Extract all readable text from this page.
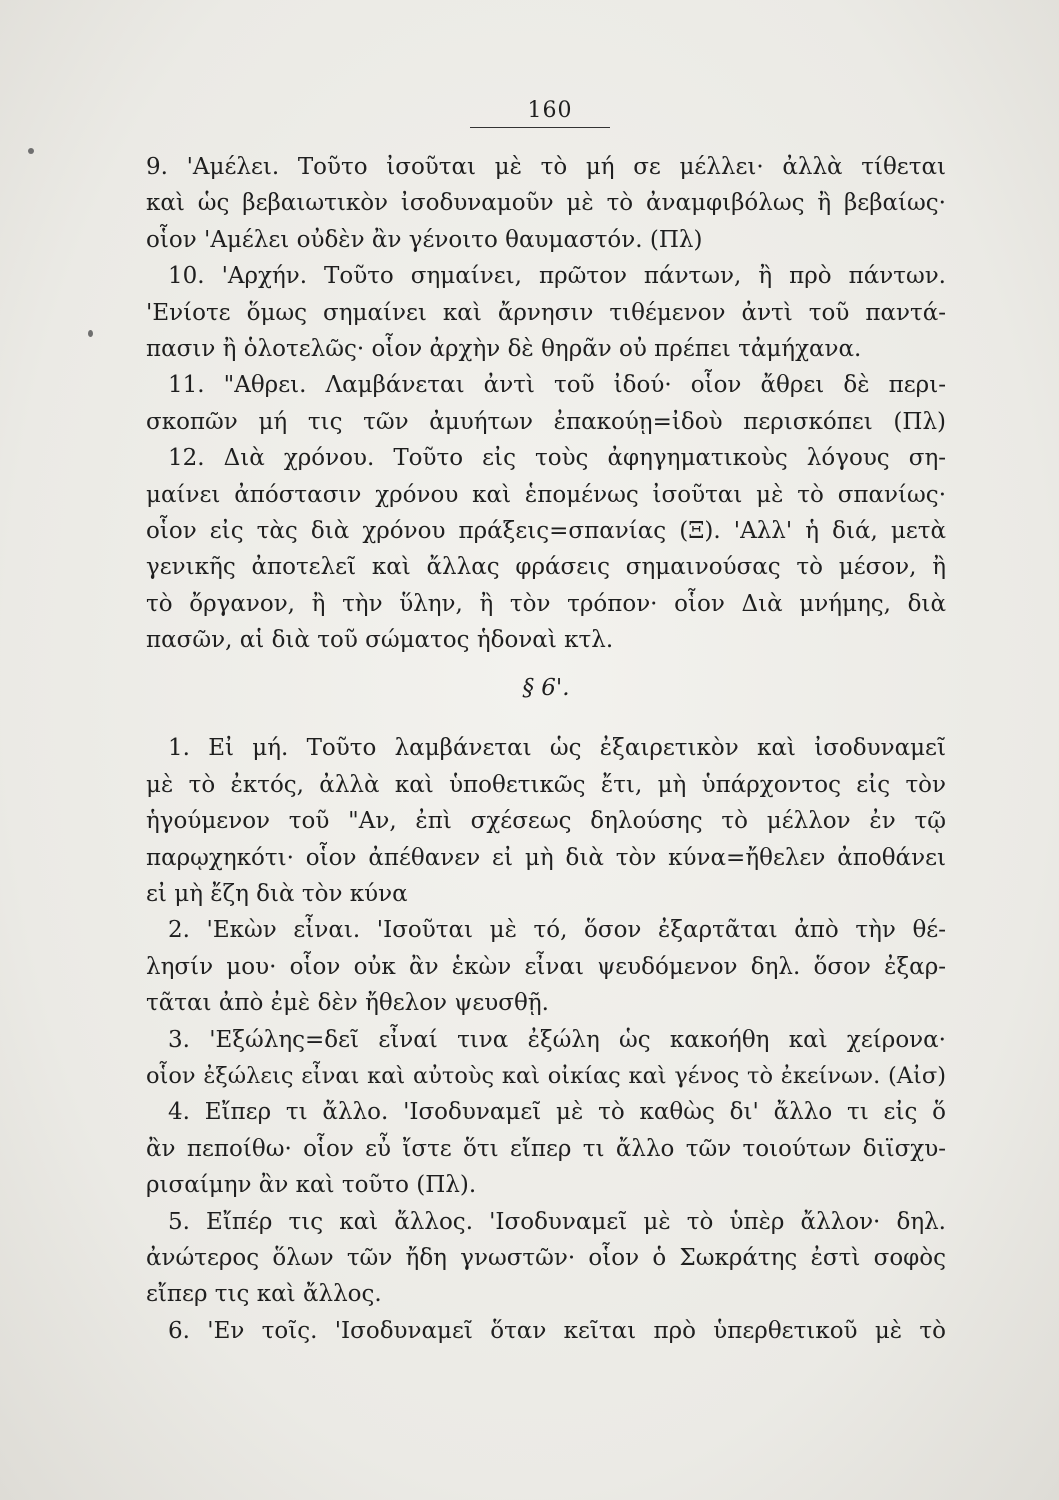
160
9. 'Αμέλει. Τοῦτο ἰσοῦται μὲ τὸ μή σε μέλλει· ἀλλὰ τίθεται
καὶ ὡς βεβαιωτικὸν ἰσοδυναμοῦν μὲ τὸ ἀναμφιβόλως ἢ βεβαίως·
οἷον 'Αμέλει οὐδὲν ἂν γένοιτο θαυμαστόν. (Πλ)
10. 'Αρχήν. Τοῦτο σημαίνει, πρῶτον πάντων, ἢ πρὸ πάντων.
'Ενίοτε ὅμως σημαίνει καὶ ἄρνησιν τιθέμενον ἀντὶ τοῦ παντά-
πασιν ἢ ὁλοτελῶς· οἷον ἀρχὴν δὲ θηρᾶν οὐ πρέπει τἀμήχανα.
11. "Αθρει. Λαμβάνεται ἀντὶ τοῦ ἰδού· οἷον ἄθρει δὲ περι-
σκοπῶν μή τις τῶν ἀμυήτων ἐπακούῃ=ἰδοὺ περισκόπει (Πλ)
12. Διὰ χρόνου. Τοῦτο εἰς τοὺς ἀφηγηματικοὺς λόγους ση-
μαίνει ἀπόστασιν χρόνου καὶ ἑπομένως ἰσοῦται μὲ τὸ σπανίως·
οἷον εἰς τὰς διὰ χρόνου πράξεις=σπανίας (Ξ). 'Αλλ' ἡ διά, μετὰ
γενικῆς ἀποτελεῖ καὶ ἄλλας φράσεις σημαινούσας τὸ μέσον, ἢ
τὸ ὄργανον, ἢ τὴν ὕλην, ἢ τὸν τρόπον· οἷον Διὰ μνήμης, διὰ
πασῶν, αἱ διὰ τοῦ σώματος ἡδοναὶ κτλ.
§ 6'.
1. Εἰ μή. Τοῦτο λαμβάνεται ὡς ἐξαιρετικὸν καὶ ἰσοδυναμεῖ
μὲ τὸ ἐκτός, ἀλλὰ καὶ ὑποθετικῶς ἔτι, μὴ ὑπάρχοντος εἰς τὸν
ἡγούμενον τοῦ "Αν, ἐπὶ σχέσεως δηλούσης τὸ μέλλον ἐν τῷ
παρῳχηκότι· οἷον ἀπέθανεν εἰ μὴ διὰ τὸν κύνα=ἤθελεν ἀποθάνει
εἰ μὴ ἔζη διὰ τὸν κύνα
2. 'Εκὼν εἶναι. 'Ισοῦται μὲ τό, ὅσον ἐξαρτᾶται ἀπὸ τὴν θέ-
λησίν μου· οἷον οὐκ ἂν ἑκὼν εἶναι ψευδόμενον δηλ. ὅσον ἐξαρ-
τᾶται ἀπὸ ἐμὲ δὲν ἤθελον ψευσθῇ.
3. 'Εξώλης=δεῖ εἶναί τινα ἐξώλη ὡς κακοήθη καὶ χείρονα·
οἷον ἐξώλεις εἶναι καὶ αὐτοὺς καὶ οἰκίας καὶ γένος τὸ ἐκείνων. (Αἰσ)
4. Εἴπερ τι ἄλλο. 'Ισοδυναμεῖ μὲ τὸ καθὼς δι' ἄλλο τι εἰς ὅ
ἂν πεποίθω· οἷον εὖ ἴστε ὅτι εἴπερ τι ἄλλο τῶν τοιούτων διϊσχυ-
ρισαίμην ἂν καὶ τοῦτο (Πλ).
5. Εἴπέρ τις καὶ ἄλλος. 'Ισοδυναμεῖ μὲ τὸ ὑπὲρ ἄλλον· δηλ.
ἀνώτερος ὅλων τῶν ἤδη γνωστῶν· οἷον ὁ Σωκράτης ἐστὶ σοφὸς
εἴπερ τις καὶ ἄλλος.
6. 'Εν τοῖς. 'Ισοδυναμεῖ ὅταν κεῖται πρὸ ὑπερθετικοῦ μὲ τὸ
